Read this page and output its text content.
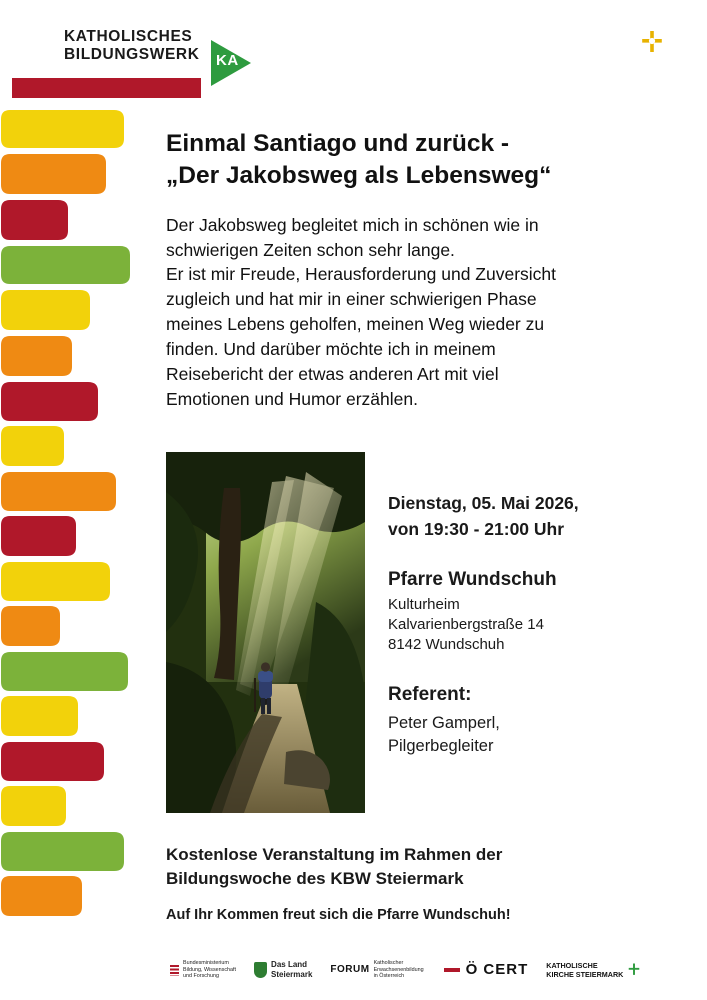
KATHOLISCHES
BILDUNGSWERK	KA
Einmal Santiago und zurück -
„Der Jakobsweg als Lebensweg“

Der Jakobsweg begleitet mich in schönen wie in
schwierigen Zeiten schon sehr lange.
Er ist mir Freude, Herausforderung und Zuversicht
zugleich und hat mir in einer schwierigen Phase
meines Lebens geholfen, meinen Weg wieder zu
finden. Und darüber möchte ich in meinem
Reisebericht der etwas anderen Art mit viel
Emotionen und Humor erzählen.

Dienstag, 05. Mai 2026,
von 19:30 - 21:00 Uhr

Pfarre Wundschuh

Kulturheim
Kalvarienbergstraße 14
8142 Wundschuh

Referent:

Peter Gamperl,
Pilgerbegleiter

Kostenlose Veranstaltung im Rahmen der
Bildungswoche des KBW Steiermark

Auf Ihr Kommen freut sich die Pfarre Wundschuh!

Bundesministerium
Bildung, Wissenschaft
und Forschung
Das Land
Steiermark FORUM
Katholischer
Erwachsenenbildung in Österreich	Ö CERT	KATHOLISCHE
KIRCHE STEIERMARK
